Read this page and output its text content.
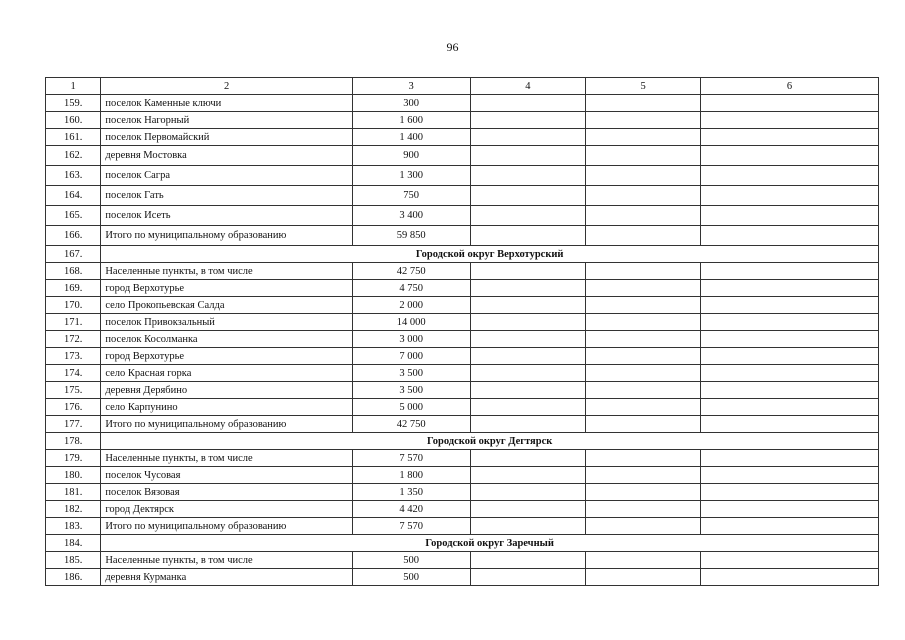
96
1	2	3	4	5	6
159.	поселок Каменные ключи	300			
160.	поселок Нагорный	1 600			
161.	поселок Первомайский	1 400			
162.	деревня Мостовка	900			
163.	поселок Сагра	1 300			
164.	поселок Гать	750			
165.	поселок Исеть	3 400			
166.	Итого по муниципальному образованию	59 850			
167.	Городской округ Верхотурский				
168.	Населенные пункты, в том числе	42 750			
169.	город Верхотурье	4 750			
170.	село Прокопьевская Салда	2 000			
171.	поселок Привокзальный	14 000			
172.	поселок Косолманка	3 000			
173.	город Верхотурье	7 000			
174.	село Красная горка	3 500			
175.	деревня Дерябино	3 500			
176.	село Карпунино	5 000			
177.	Итого по муниципальному образованию	42 750			
178.	Городской округ Дегтярск				
179.	Населенные пункты, в том числе	7 570			
180.	поселок Чусовая	1 800			
181.	поселок Вязовая	1 350			
182.	город Дектярск	4 420			
183.	Итого по муниципальному образованию	7 570			
184.	Городской округ Заречный				
185.	Населенные пункты, в том числе	500			
186.	деревня Курманка	500			
